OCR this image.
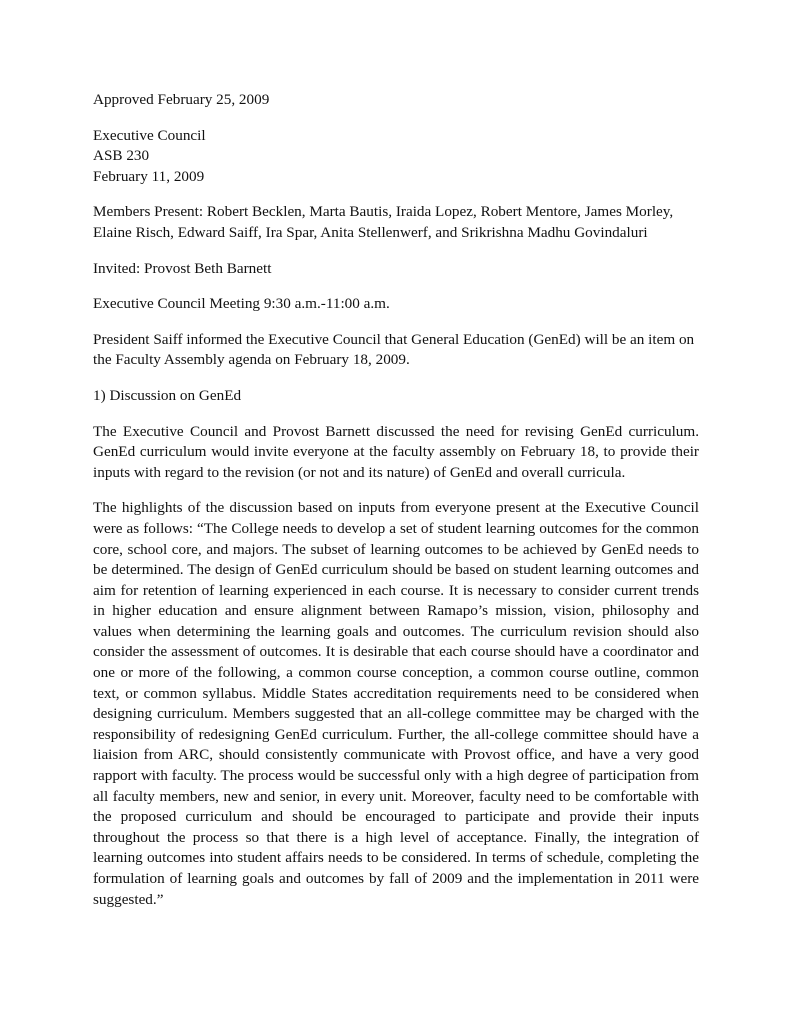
Approved February 25, 2009

Executive Council
ASB 230
February 11, 2009

Members Present: Robert Becklen, Marta Bautis, Iraida Lopez, Robert Mentore, James Morley,
Elaine Risch, Edward Saiff, Ira Spar, Anita Stellenwerf, and Srikrishna Madhu Govindaluri

Invited: Provost Beth Barnett

Executive Council Meeting 9:30 a.m.-11:00 a.m.

President Saiff informed the Executive Council that General Education (GenEd) will be an item on the Faculty Assembly agenda on February 18, 2009.

1) Discussion on GenEd

The Executive Council and Provost Barnett discussed the need for revising GenEd curriculum. GenEd curriculum would invite everyone at the faculty assembly on February 18, to provide their inputs with regard to the revision (or not and its nature) of GenEd and overall curricula.

The highlights of the discussion based on inputs from everyone present at the Executive Council were as follows: “The College needs to develop a set of student learning outcomes for the common core, school core, and majors. The subset of learning outcomes to be achieved by GenEd needs to be determined. The design of GenEd curriculum should be based on student learning outcomes and aim for retention of learning experienced in each course. It is necessary to consider current trends in higher education and ensure alignment between Ramapo’s mission, vision, philosophy and values when determining the learning goals and outcomes. The curriculum revision should also consider the assessment of outcomes. It is desirable that each course should have a coordinator and one or more of the following, a common course conception, a common course outline, common text, or common syllabus. Middle States accreditation requirements need to be considered when designing curriculum. Members suggested that an all-college committee may be charged with the responsibility of redesigning GenEd curriculum. Further, the all-college committee should have a liaision from ARC, should consistently communicate with Provost office, and have a very good rapport with faculty. The process would be successful only with a high degree of participation from all faculty members, new and senior, in every unit. Moreover, faculty need to be comfortable with the proposed curriculum and should be encouraged to participate and provide their inputs throughout the process so that there is a high level of acceptance. Finally, the integration of learning outcomes into student affairs needs to be considered. In terms of schedule, completing the formulation of learning goals and outcomes by fall of 2009 and the implementation in 2011 were suggested.”
